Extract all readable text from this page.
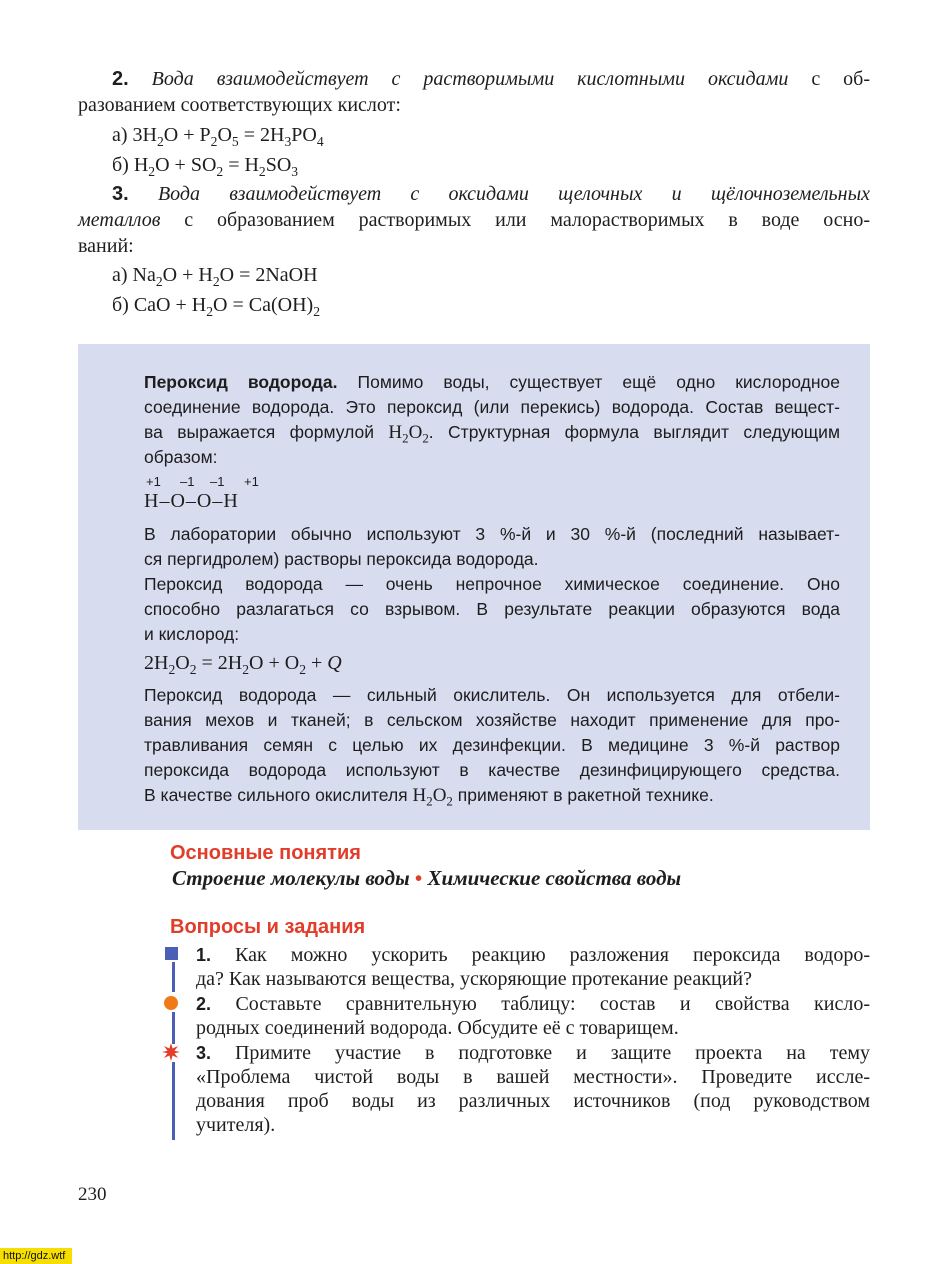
2. Вода взаимодействует с растворимыми кислотными оксидами с об-
разованием соответствующих кислот:
а) $3H_2O + P_2O_5 = 2H_3PO_4$
б) $H_2O + SO_2 = H_2SO_3$
3. Вода взаимодействует с оксидами щелочных и щёлочноземельных
металлов с образованием растворимых или малорастворимых в воде осно-
ваний:
а) $Na_2O + H_2O$ = 2NaOH
б) CaO + $H_2O = Ca(OH)_2$
Пероксид водорода. Помимо воды, существует ещё одно кислородное
соединение водорода. Это пероксид (или перекись) водорода. Состав вещест-
ва выражается формулой $H_2O_2$. Структурная формула выглядит следующим
образом:
+1 –1 –1 +1
H–O–O–H
В лаборатории обычно используют 3 %-й и 30 %-й (последний называет-
ся пергидролем) растворы пероксида водорода.
Пероксид водорода — очень непрочное химическое соединение. Оно
способно разлагаться со взрывом. В результате реакции образуются вода
и кислород:
$2H_2O_2 = 2H_2O + O_2 + Q$
Пероксид водорода — сильный окислитель. Он используется для отбели-
вания мехов и тканей; в сельском хозяйстве находит применение для про-
травливания семян с целью их дезинфекции. В медицине 3 %-й раствор
пероксида водорода используют в качестве дезинфицирующего средства.
В качестве сильного окислителя $H_2O_2$ применяют в ракетной технике.
Основные понятия
Строение молекулы воды • Химические свойства воды
Вопросы и задания
1. Как можно ускорить реакцию разложения пероксида водоро-
да? Как называются вещества, ускоряющие протекание реакций?
2. Составьте сравнительную таблицу: состав и свойства кисло-
родных соединений водорода. Обсудите её с товарищем.
3. Примите участие в подготовке и защите проекта на тему
«Проблема чистой воды в вашей местности». Проведите иссле-
дования проб воды из различных источников (под руководством
учителя).
230
http://gdz.wtf
